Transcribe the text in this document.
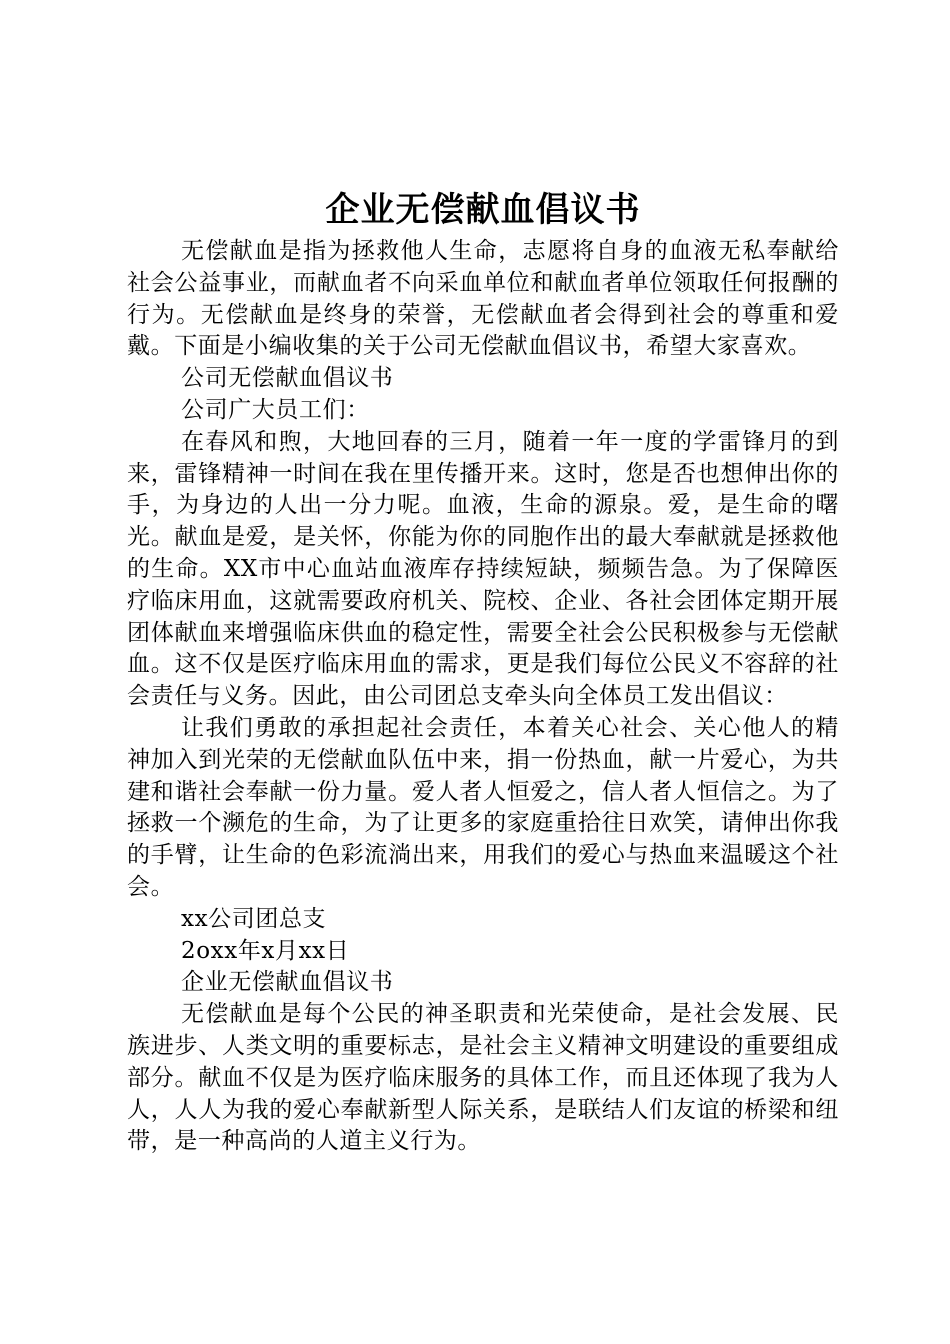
企业无偿献血倡议书

无偿献血是指为拯救他人生命，志愿将自身的血液无私奉献给社会公益事业，而献血者不向采血单位和献血者单位领取任何报酬的行为。无偿献血是终身的荣誉，无偿献血者会得到社会的尊重和爱戴。下面是小编收集的关于公司无偿献血倡议书，希望大家喜欢。

公司无偿献血倡议书

公司广大员工们：

在春风和煦，大地回春的三月，随着一年一度的学雷锋月的到来，雷锋精神一时间在我在里传播开来。这时，您是否也想伸出你的手，为身边的人出一分力呢。血液，生命的源泉。爱，是生命的曙光。献血是爱，是关怀，你能为你的同胞作出的最大奉献就是拯救他的生命。XX市中心血站血液库存持续短缺，频频告急。为了保障医疗临床用血，这就需要政府机关、院校、企业、各社会团体定期开展团体献血来增强临床供血的稳定性，需要全社会公民积极参与无偿献血。这不仅是医疗临床用血的需求，更是我们每位公民义不容辞的社会责任与义务。因此，由公司团总支牵头向全体员工发出倡议：

让我们勇敢的承担起社会责任，本着关心社会、关心他人的精神加入到光荣的无偿献血队伍中来，捐一份热血，献一片爱心，为共建和谐社会奉献一份力量。爱人者人恒爱之，信人者人恒信之。为了拯救一个濒危的生命，为了让更多的家庭重拾往日欢笑，请伸出你我的手臂，让生命的色彩流淌出来，用我们的爱心与热血来温暖这个社会。

xx公司团总支

2oxx年x月xx日

企业无偿献血倡议书

无偿献血是每个公民的神圣职责和光荣使命，是社会发展、民族进步、人类文明的重要标志，是社会主义精神文明建设的重要组成部分。献血不仅是为医疗临床服务的具体工作，而且还体现了我为人人，人人为我的爱心奉献新型人际关系，是联结人们友谊的桥梁和纽带，是一种高尚的人道主义行为。
